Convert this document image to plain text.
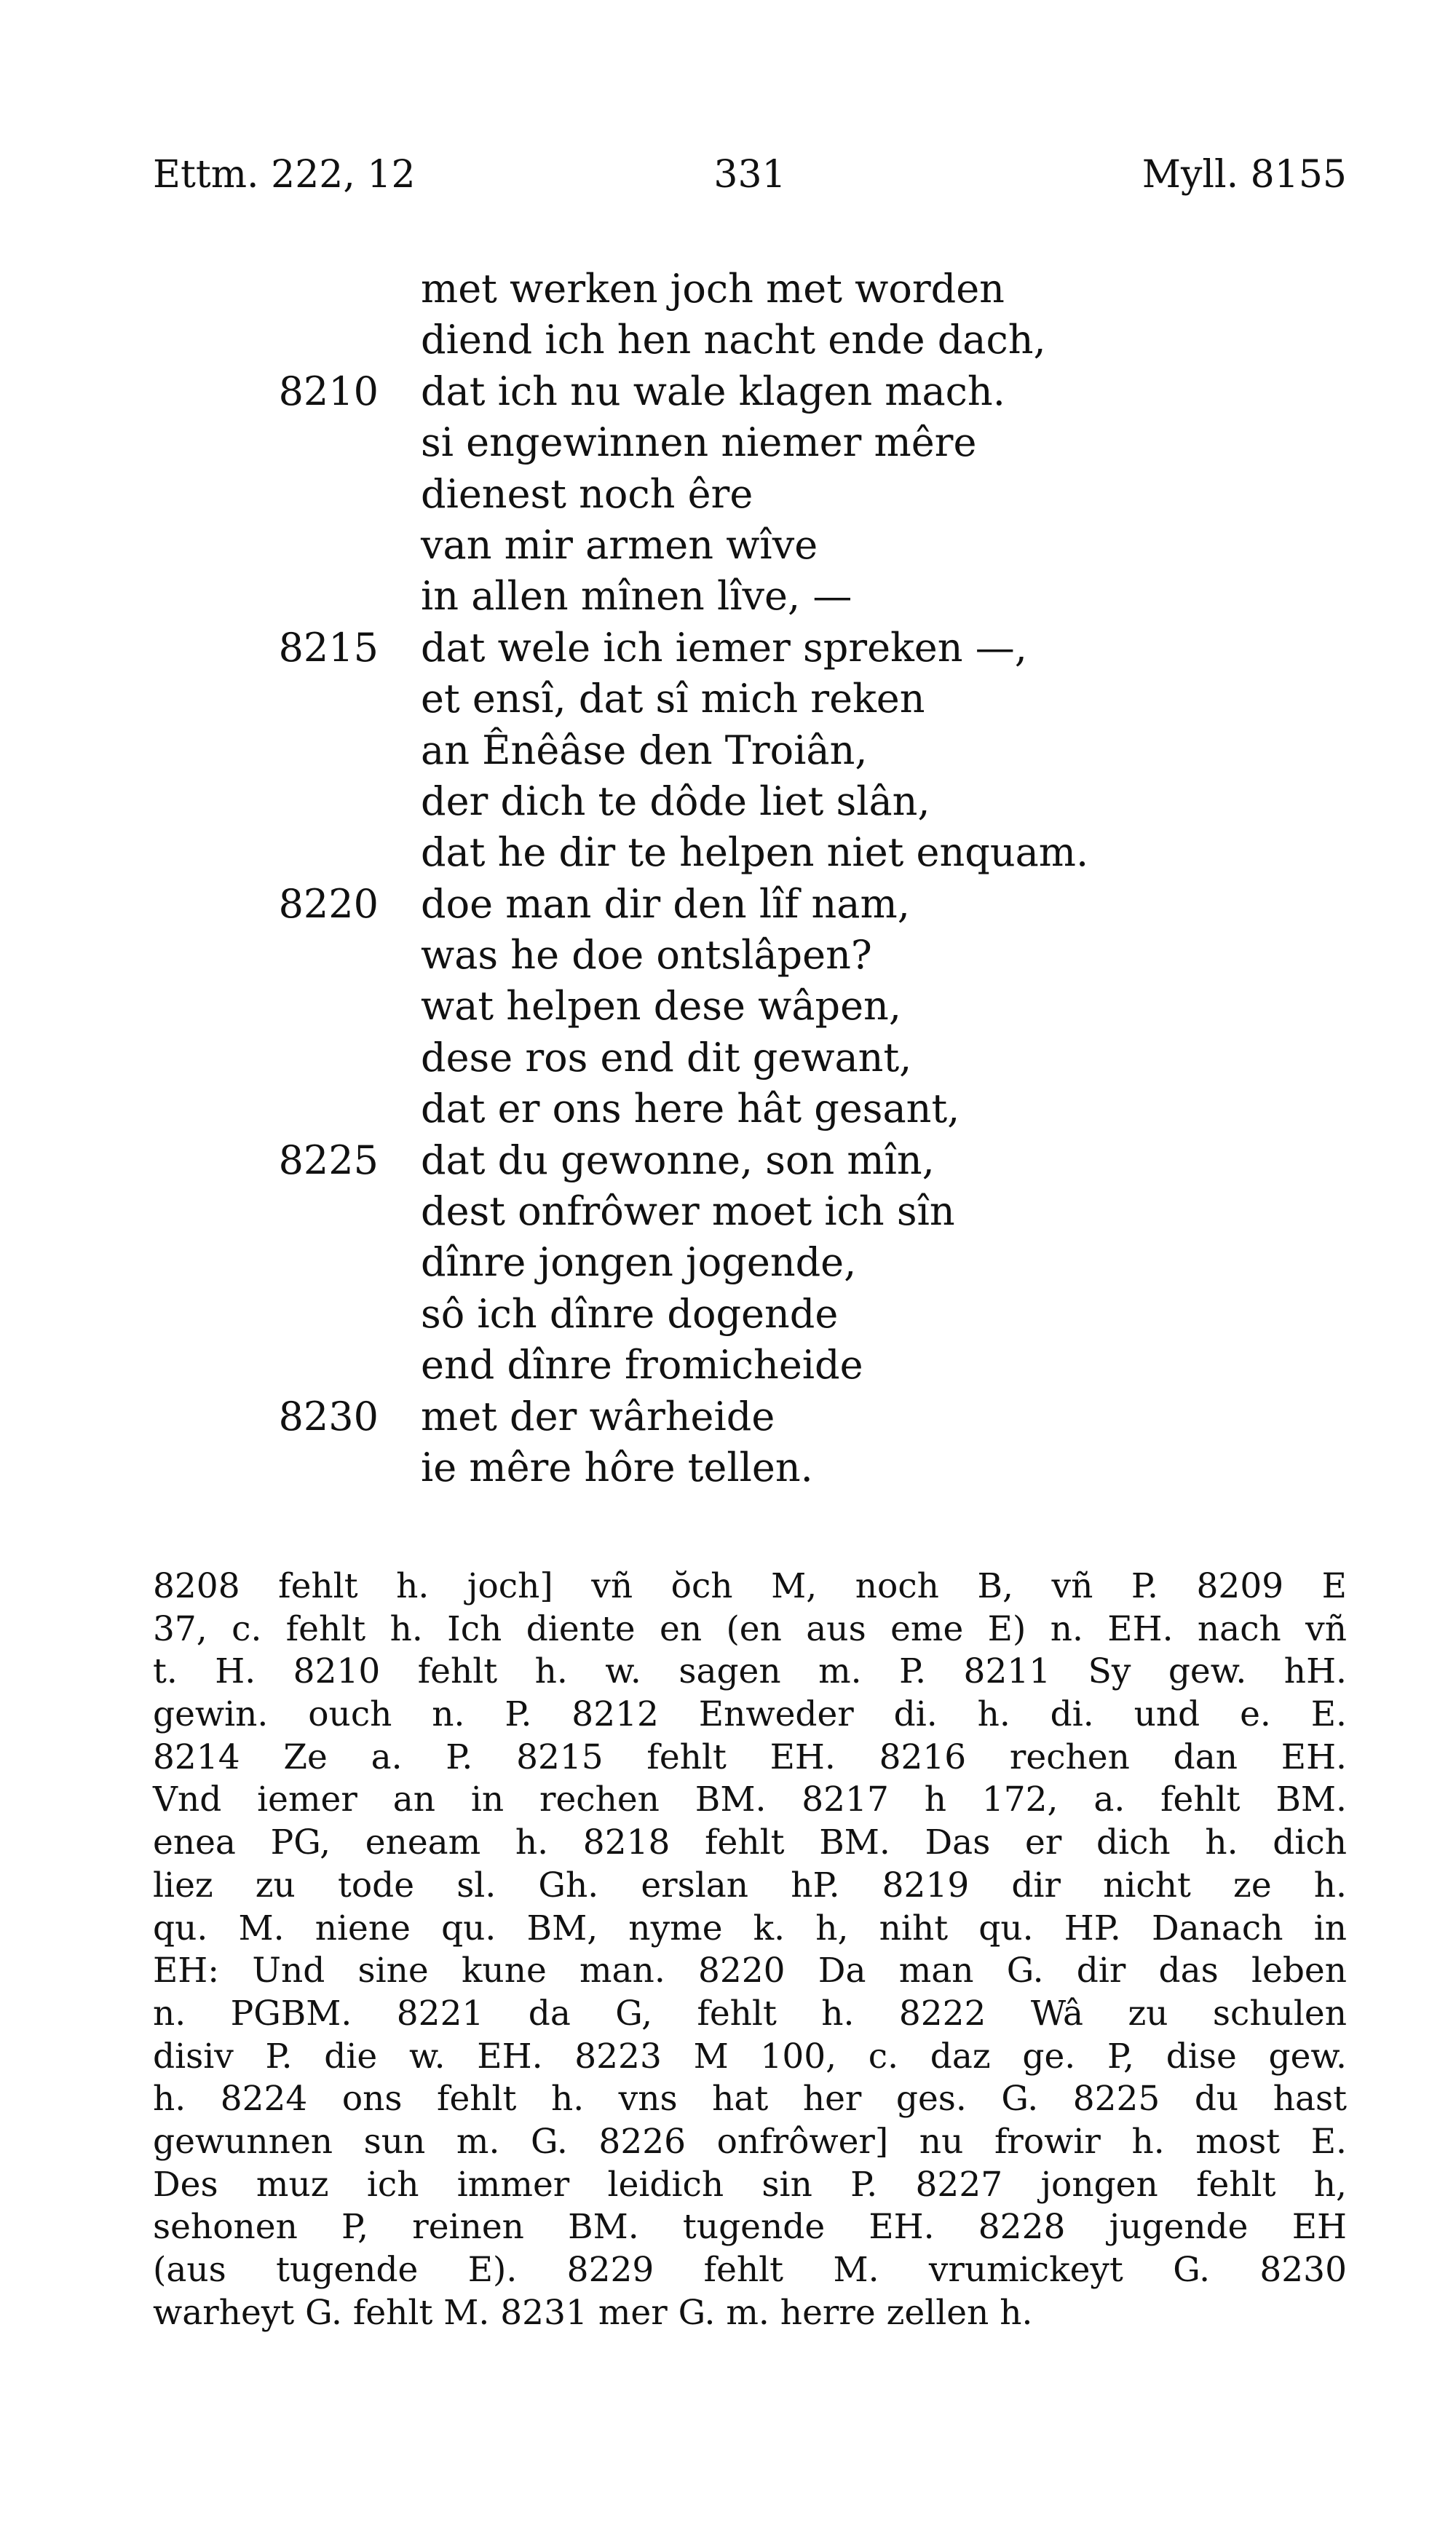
Ettm. 222, 12	331	Myll. 8155
met werken joch met worden
diend ich hen nacht ende dach,
8210 dat ich nu wale klagen mach.
si engewinnen niemer mêre
dienest noch êre
van mir armen wîve
in allen mînen lîve, —
8215 dat wele ich iemer spreken —,
et ensî, dat sî mich reken
an Ênêâse den Troiân,
der dich te dôde liet slân,
dat he dir te helpen niet enquam.
8220 doe man dir den lîf nam,
was he doe ontslâpen?
wat helpen dese wâpen,
dese ros end dit gewant,
dat er ons here hât gesant,
8225 dat du gewonne, son mîn,
dest onfrôwer moet ich sîn
dînre jongen jogende,
sô ich dînre dogende
end dînre fromicheide
8230 met der wârheide
ie mêre hôre tellen.
8208 fehlt h. joch] vñ ŏch M, noch B, vñ P. 8209 E
37, c. fehlt h. Ich diente en (en aus eme E) n. EH. nach vñ
t. H. 8210 fehlt h. w. sagen m. P. 8211 Sy gew. hH.
gewin. ouch n. P. 8212 Enweder di. h. di. und e. E.
8214 Ze a. P. 8215 fehlt EH. 8216 rechen dan EH.
Vnd iemer an in rechen BM. 8217 h 172, a. fehlt BM.
enea PG, eneam h. 8218 fehlt BM. Das er dich h. dich
liez zu tode sl. Gh. erslan hP. 8219 dir nicht ze h.
qu. M. niene qu. BM, nyme k. h, niht qu. HP. Danach in
EH: Und sine kune man. 8220 Da man G. dir das leben
n. PGBM. 8221 da G, fehlt h. 8222 Wâ zu schulen
disiv P. die w. EH. 8223 M 100, c. daz ge. P, dise gew.
h. 8224 ons fehlt h. vns hat her ges. G. 8225 du hast
gewunnen sun m. G. 8226 onfrôwer] nu frowir h. most E.
Des muz ich immer leidich sin P. 8227 jongen fehlt h,
sehonen P, reinen BM. tugende EH. 8228 jugende EH
(aus tugende E). 8229 fehlt M. vrumickeyt G. 8230
warheyt G. fehlt M. 8231 mer G. m. herre zellen h.
